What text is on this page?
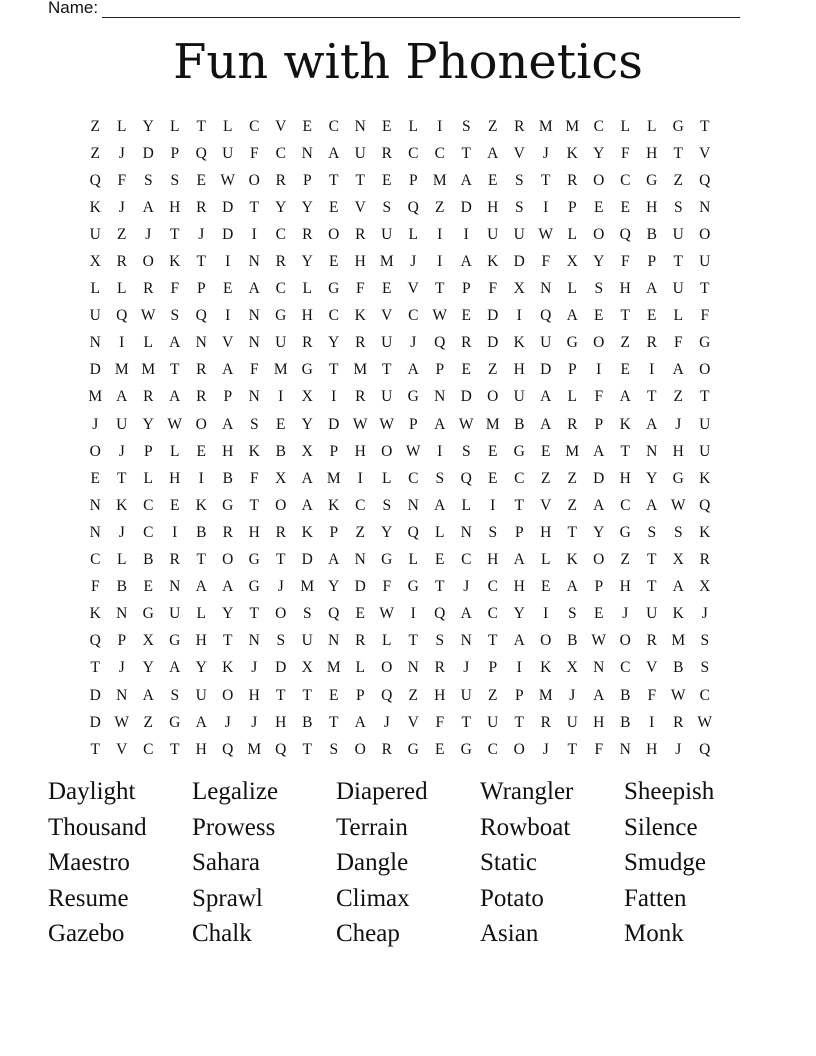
Name:
Fun with Phonetics
Z	L	Y	L	T	L	C	V	E	C	N	E	L	I	S	Z	R M M C	L	L	G	T
Z	J	D	P	Q U	F	C	N A U	R	C	C	T	A V	J	K Y	F	H	T	V
Q	F	S	S	E W O	R	P	T	T	E	P M A	E	S	T	R	O	C	G	Z	Q
K	J	A H	R	D	T	Y Y	E	V	S	Q	Z	D H	S	I	P	E	E	H	S	N
U	Z	J	T	J	D	I	C	R	O	R	U	L	I	I	U U W L	O Q	B	U O
X	R	O K	T	I	N	R	Y	E	H M	J	I	A K D	F	X Y	F	P	T	U
L	L	R	F	P	E	A	C	L	G	F	E	V	T	P	F	X N	L	S	H A U	T
U Q W S	Q	I	N G H	C	K V	C W E	D	I	Q A	E	T	E	L	F
N	I	L	A N V N U	R	Y	R	U	J	Q	R	D K U G O	Z	R	F	G
D M M T	R	A	F M G	T M T	A	P	E	Z	H D	P	I	E	I	A O
M A	R	A	R	P	N	I	X	I	R	U G N D O U A	L	F	A	T	Z	T
J	U Y W O A	S	E	Y D W W P	A W M B	A	R	P	K A	J	U
O	J	P	L	E	H K	B	X	P	H O W	I	S	E	G	E M A	T	N H U
E	T	L	H	I	B	F	X A M	I	L	C	S	Q	E	C	Z	Z	D H Y G K
N K	C	E	K G	T	O A K	C	S	N A	L	I	T	V	Z	A	C	A W Q
N	J	C	I	B	R	H	R	K	P	Z	Y Q	L	N	S	P	H	T	Y G	S	S	K
C	L	B	R	T	O G	T	D A N G	L	E	C	H A	L	K O	Z	T	X	R
F	B	E	N A A G	J	M Y D	F	G	T	J	C	H	E	A	P	H	T	A X
K N G U	L	Y	T	O	S	Q	E W	I	Q A	C	Y	I	S	E	J	U K	J
Q	P	X G H	T	N	S	U N	R	L	T	S	N	T	A O	B W O	R M S
T	J	Y A Y K	J	D X M L	O N	R	J	P	I	K X N	C	V	B	S
D N A	S	U O H	T	T	E	P	Q	Z	H U	Z	P M	J	A	B	F W C
D W Z	G A	J	J	H	B	T	A	J	V	F	T	U	T	R	U H	B	I	R W
T	V	C	T	H Q M Q	T	S	O	R	G	E	G	C	O	J	T	F	N H	J	Q
Daylight	Legalize	Diapered	Wrangler	Sheepish
Thousand	Prowess	Terrain	Rowboat	Silence
Maestro	Sahara	Dangle	Static	Smudge
Resume	Sprawl	Climax	Potato	Fatten
Gazebo	Chalk	Cheap	Asian	Monk
